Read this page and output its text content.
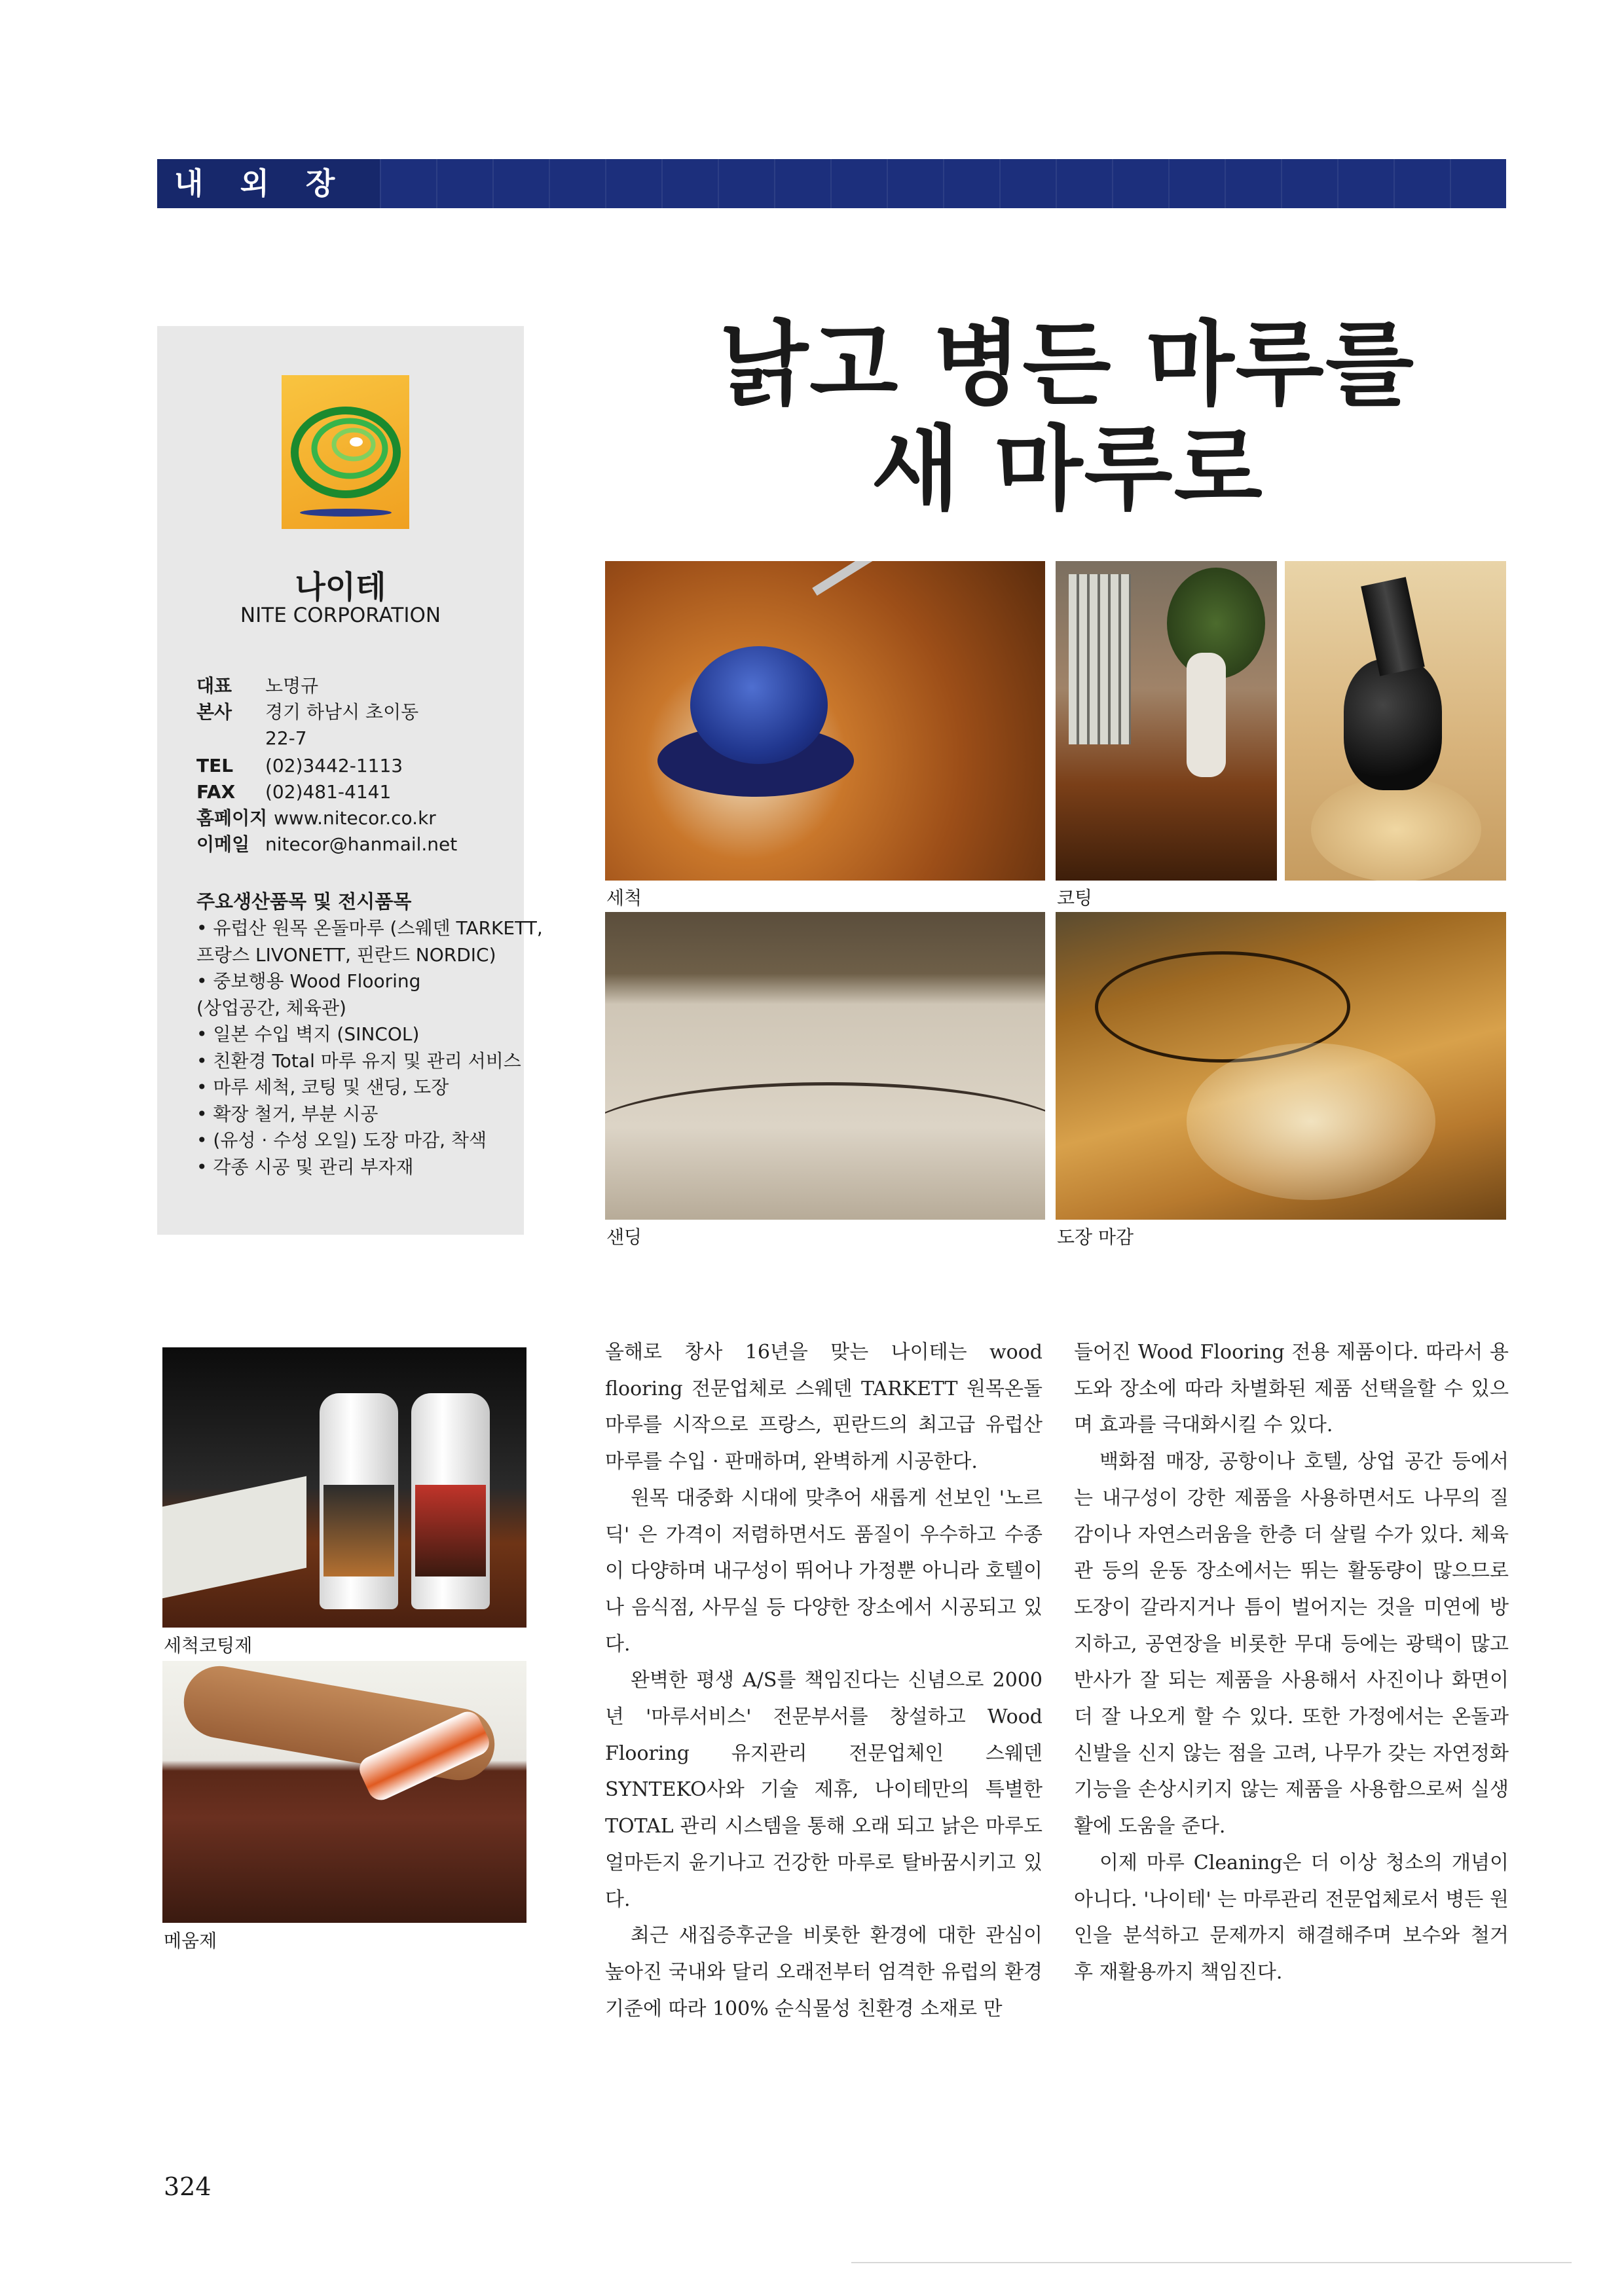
내 외 장 재
나이테
NITE CORPORATION
대표	노명규
본사	경기 하남시 초이동 22-7
TEL	(02)3442-1113
FAX	(02)481-4141
홈페이지 www.nitecor.co.kr
이메일 nitecor@hanmail.net
주요생산품목 및 전시품목
• 유럽산 원목 온돌마루 (스웨덴 TARKETT,
프랑스 LIVONETT, 핀란드 NORDIC)
• 중보행용 Wood Flooring
(상업공간, 체육관)
• 일본 수입 벽지 (SINCOL)
• 친환경 Total 마루 유지 및 관리 서비스
• 마루 세척, 코팅 및 샌딩, 도장
• 확장 철거, 부분 시공
• (유성 · 수성 오일) 도장 마감, 착색
• 각종 시공 및 관리 부자재
낡고 병든 마루를
새 마루로
세척	코팅
샌딩	도장 마감
세척코팅제
메움제

올해로 창사 16년을 맞는 나이테는 wood flooring 전문업체로 스웨덴 TARKETT 원목온돌마루를 시작으로 프랑스, 핀란드의 최고급 유럽산 마루를 수입 · 판매하며, 완벽하게 시공한다.

원목 대중화 시대에 맞추어 새롭게 선보인 '노르딕' 은 가격이 저렴하면서도 품질이 우수하고 수종이 다양하며 내구성이 뛰어나 가정뿐 아니라 호텔이나 음식점, 사무실 등 다양한 장소에서 시공되고 있다.

완벽한 평생 A/S를 책임진다는 신념으로 2000년 '마루서비스' 전문부서를 창설하고 Wood Flooring 유지관리 전문업체인 스웨덴 SYNTEKO사와 기술 제휴, 나이테만의 특별한 TOTAL 관리 시스템을 통해 오래 되고 낡은 마루도 얼마든지 윤기나고 건강한 마루로 탈바꿈시키고 있다.

최근 새집증후군을 비롯한 환경에 대한 관심이 높아진 국내와 달리 오래전부터 엄격한 유럽의 환경기준에 따라 100% 순식물성 친환경 소재로 만

들어진 Wood Flooring 전용 제품이다. 따라서 용도와 장소에 따라 차별화된 제품 선택을할 수 있으며 효과를 극대화시킬 수 있다.

백화점 매장, 공항이나 호텔, 상업 공간 등에서는 내구성이 강한 제품을 사용하면서도 나무의 질감이나 자연스러움을 한층 더 살릴 수가 있다. 체육관 등의 운동 장소에서는 뛰는 활동량이 많으므로 도장이 갈라지거나 틈이 벌어지는 것을 미연에 방지하고, 공연장을 비롯한 무대 등에는 광택이 많고 반사가 잘 되는 제품을 사용해서 사진이나 화면이 더 잘 나오게 할 수 있다. 또한 가정에서는 온돌과 신발을 신지 않는 점을 고려, 나무가 갖는 자연정화 기능을 손상시키지 않는 제품을 사용함으로써 실생활에 도움을 준다.

이제 마루 Cleaning은 더 이상 청소의 개념이 아니다. '나이테' 는 마루관리 전문업체로서 병든 원인을 분석하고 문제까지 해결해주며 보수와 철거 후 재활용까지 책임진다.

324
